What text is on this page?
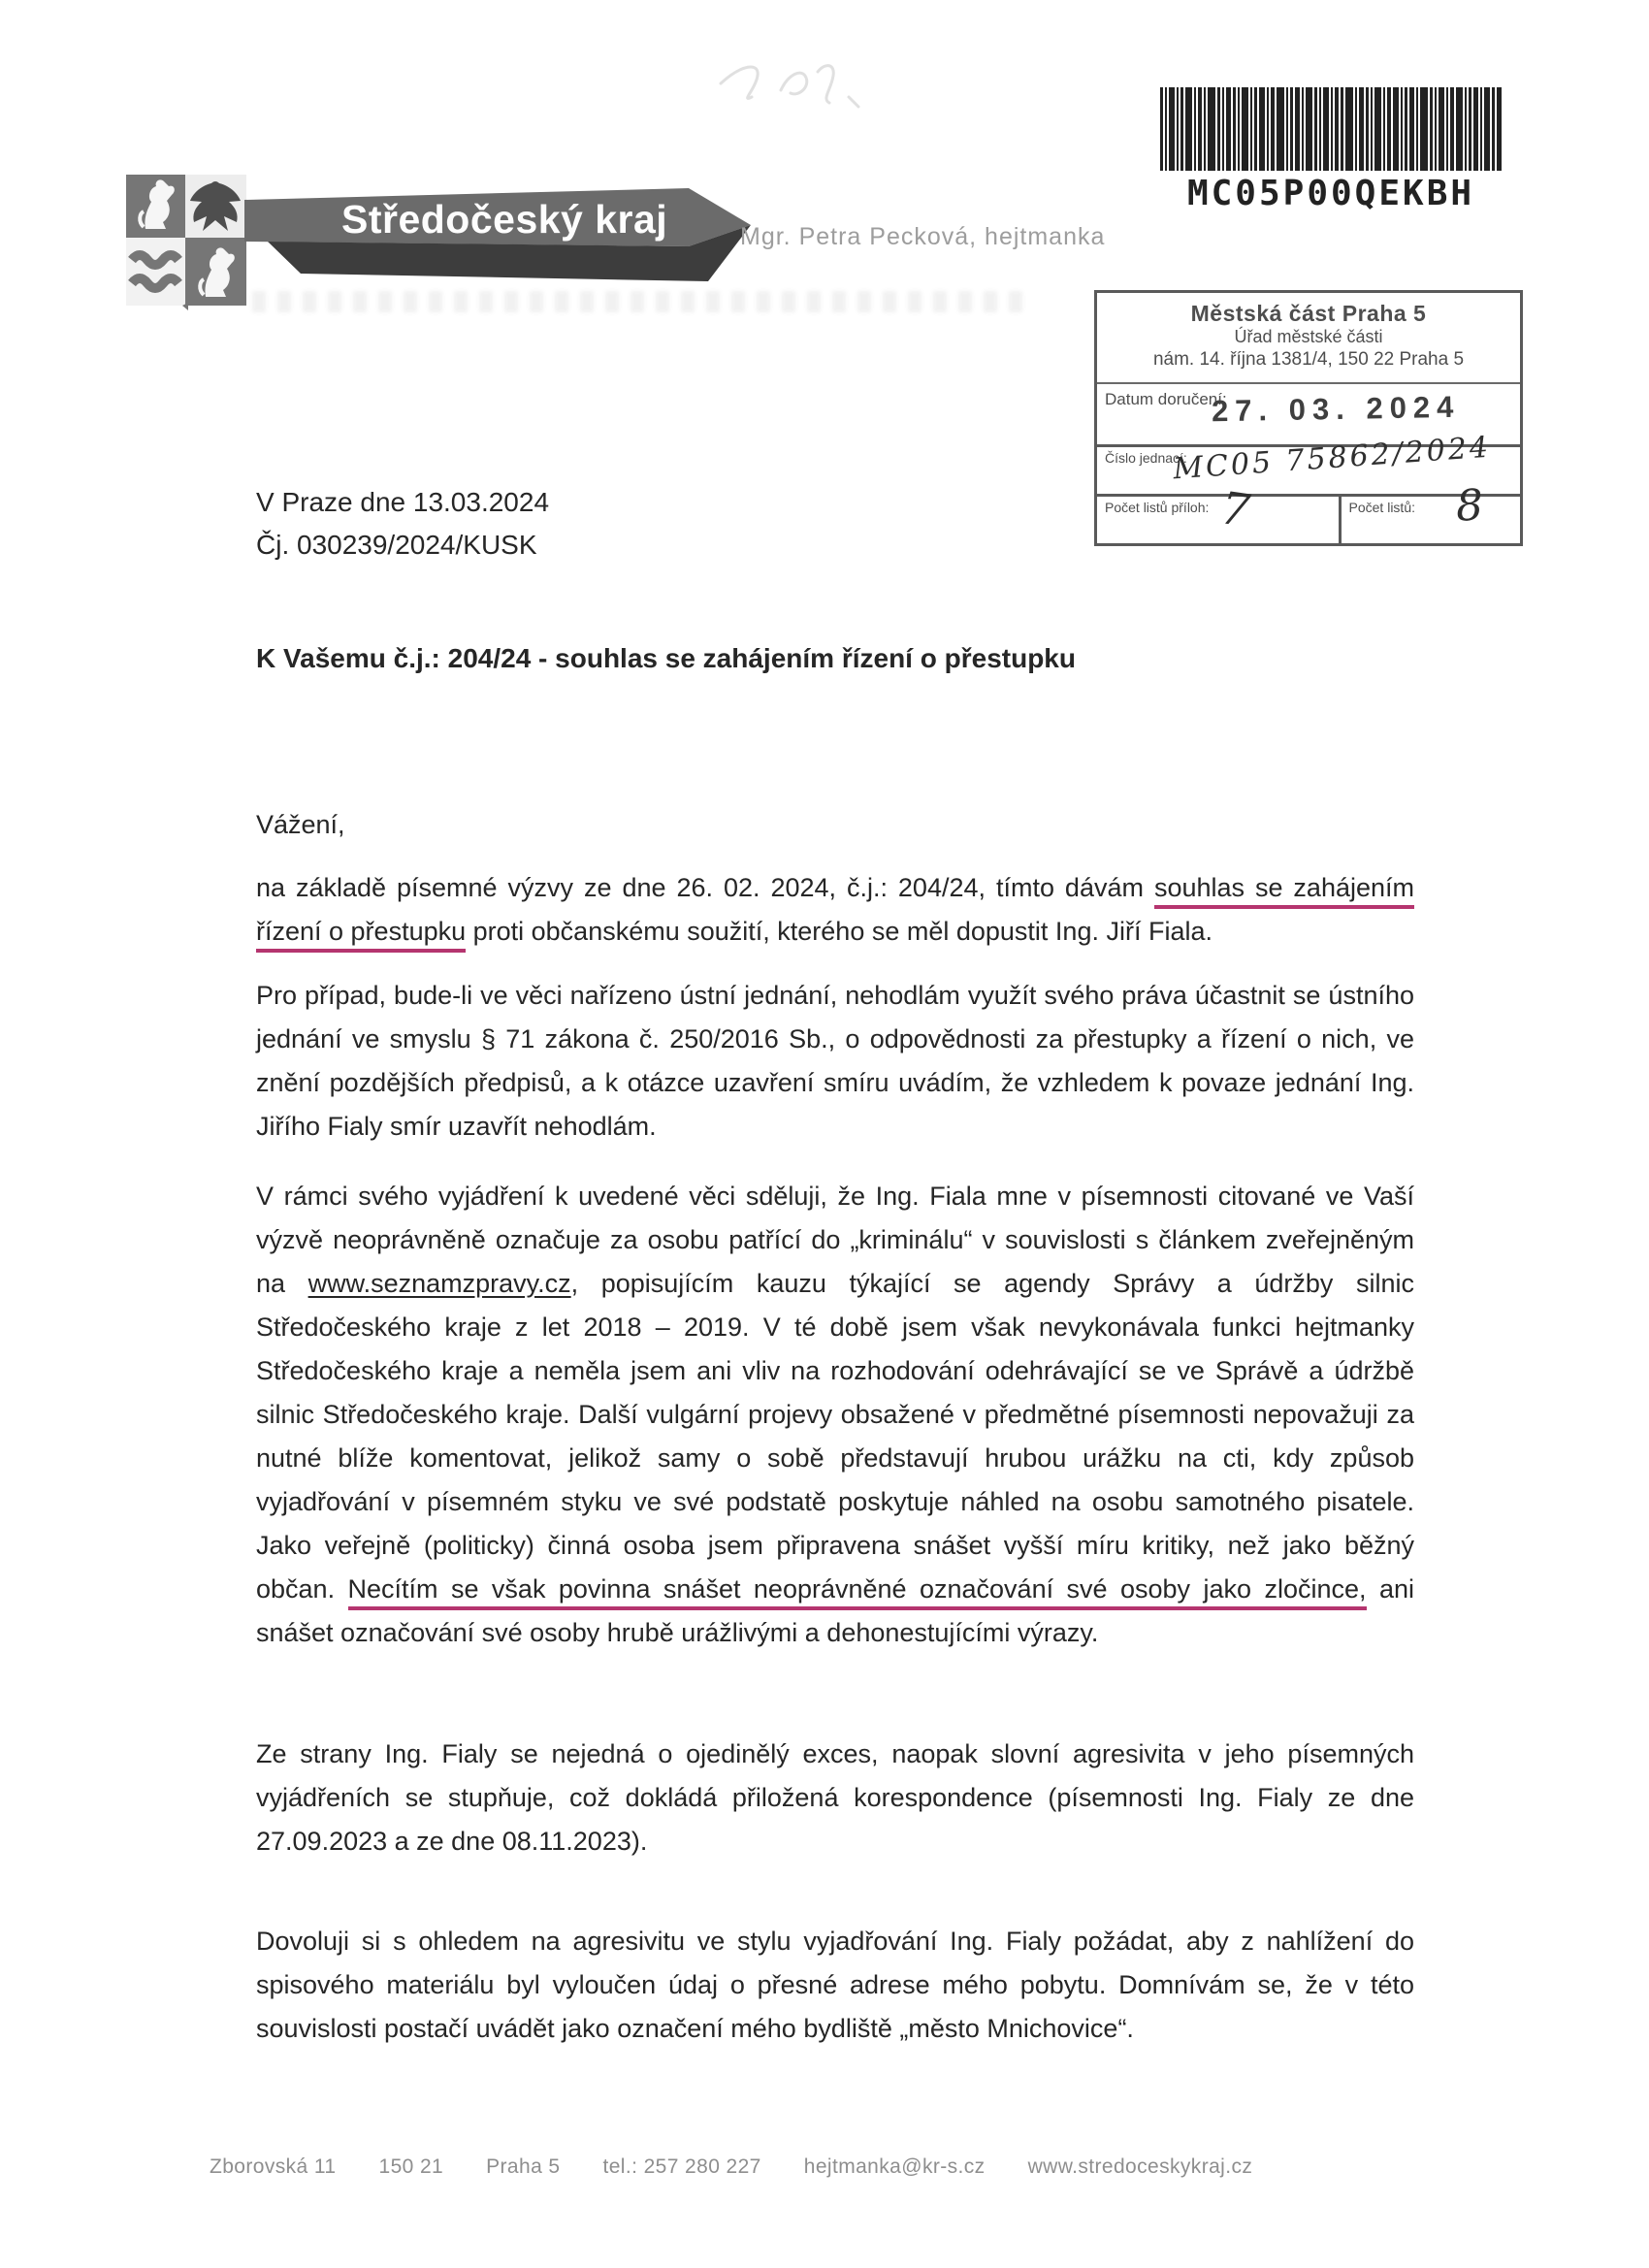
MC05P00QEKBH
Středočeský kraj	Mgr. Petra Pecková, hejtmanka
Městská část Praha 5
Úřad městské části
nám. 14. října 1381/4, 150 22 Praha 5
Datum doručení:
27. 03. 2024
Číslo jednací:
MC05 75862/2024
Počet listů příloh: 7	Počet listů: 8
V Praze dne 13.03.2024
Čj. 030239/2024/KUSK
K Vašemu č.j.: 204/24 - souhlas se zahájením řízení o přestupku

Vážení,

na základě písemné výzvy ze dne 26. 02. 2024, č.j.: 204/24, tímto dávám souhlas se zahájením řízení o přestupku proti občanskému soužití, kterého se měl dopustit Ing. Jiří Fiala.

Pro případ, bude-li ve věci nařízeno ústní jednání, nehodlám využít svého práva účastnit se ústního jednání ve smyslu § 71 zákona č. 250/2016 Sb., o odpovědnosti za přestupky a řízení o nich, ve znění pozdějších předpisů, a k otázce uzavření smíru uvádím, že vzhledem k povaze jednání Ing. Jiřího Fialy smír uzavřít nehodlám.

V rámci svého vyjádření k uvedené věci sděluji, že Ing. Fiala mne v písemnosti citované ve Vaší výzvě neoprávněně označuje za osobu patřící do „kriminálu“ v souvislosti s článkem zveřejněným na www.seznamzpravy.cz, popisujícím kauzu týkající se agendy Správy a údržby silnic Středočeského kraje z let 2018 – 2019. V té době jsem však nevykonávala funkci hejtmanky Středočeského kraje a neměla jsem ani vliv na rozhodování odehrávající se ve Správě a údržbě silnic Středočeského kraje. Další vulgární projevy obsažené v předmětné písemnosti nepovažuji za nutné blíže komentovat, jelikož samy o sobě představují hrubou urážku na cti, kdy způsob vyjadřování v písemném styku ve své podstatě poskytuje náhled na osobu samotného pisatele. Jako veřejně (politicky) činná osoba jsem připravena snášet vyšší míru kritiky, než jako běžný občan. Necítím se však povinna snášet neoprávněné označování své osoby jako zločince, ani snášet označování své osoby hrubě urážlivými a dehonestujícími výrazy.

Ze strany Ing. Fialy se nejedná o ojedinělý exces, naopak slovní agresivita v jeho písemných vyjádřeních se stupňuje, což dokládá přiložená korespondence (písemnosti Ing. Fialy ze dne 27.09.2023 a ze dne 08.11.2023).

Dovoluji si s ohledem na agresivitu ve stylu vyjadřování Ing. Fialy požádat, aby z nahlížení do spisového materiálu byl vyloučen údaj o přesné adrese mého pobytu. Domnívám se, že v této souvislosti postačí uvádět jako označení mého bydliště „město Mnichovice“.

Zborovská 11 150 21 Praha 5 tel.: 257 280 227 hejtmanka@kr-s.cz www.stredoceskykraj.cz
